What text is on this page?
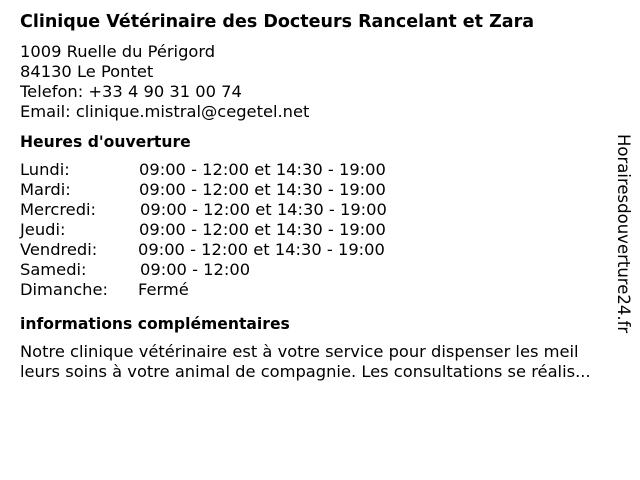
Clinique Vétérinaire des Docteurs Rancelant et Zara
1009 Ruelle du Périgord
84130 Le Pontet
Telefon: +33 4 90 31 00 74
Email: clinique.mistral@cegetel.net
Heures d'ouverture
Lundi:	09:00 - 12:00 et 14:30 - 19:00
Mardi:	09:00 - 12:00 et 14:30 - 19:00
Mercredi:	09:00 - 12:00 et 14:30 - 19:00
Jeudi:	09:00 - 12:00 et 14:30 - 19:00
Vendredi:	09:00 - 12:00 et 14:30 - 19:00
Samedi:	09:00 - 12:00
Dimanche:	Fermé
informations complémentaires
Notre clinique vétérinaire est à votre service pour dispenser les meil
leurs soins à votre animal de compagnie. Les consultations se réalis...
Horairesdouverture24.fr
